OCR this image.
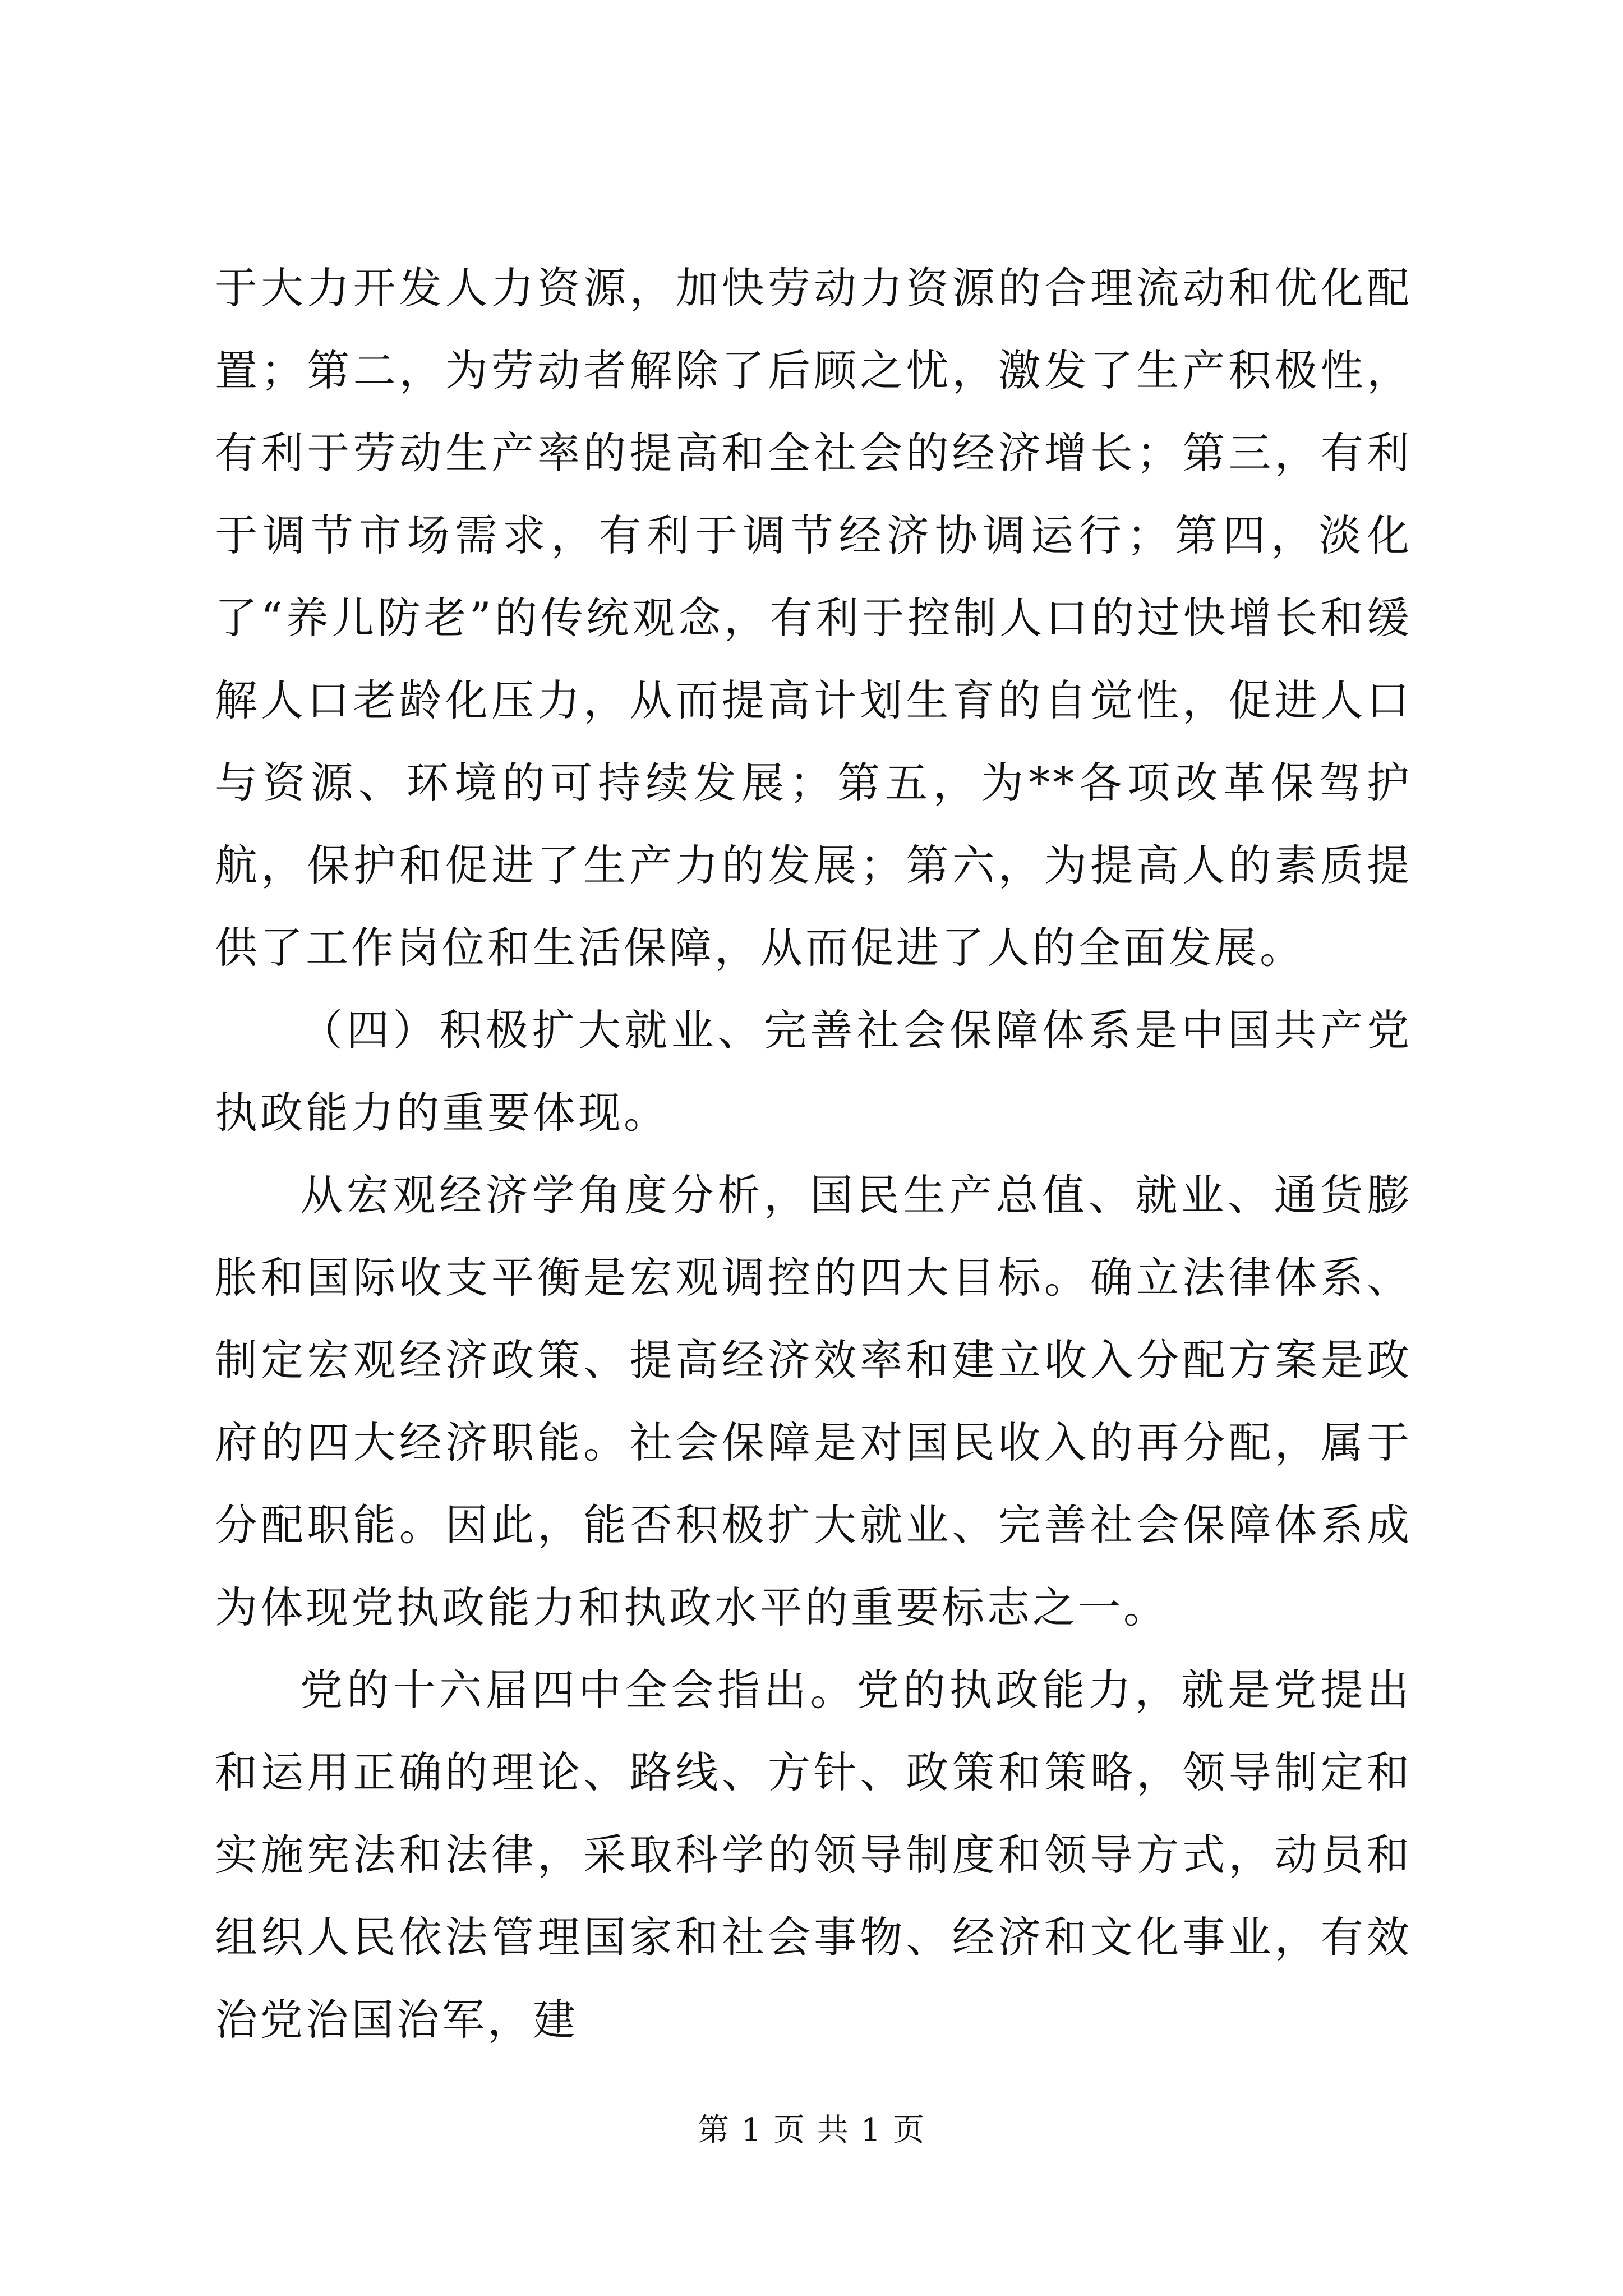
于大力开发人力资源，加快劳动力资源的合理流动和优化配置；第二，为劳动者解除了后顾之忧，激发了生产积极性，有利于劳动生产率的提高和全社会的经济增长；第三，有利于调节市场需求，有利于调节经济协调运行；第四，淡化了“养儿防老”的传统观念，有利于控制人口的过快增长和缓解人口老龄化压力，从而提高计划生育的自觉性，促进人口与资源、环境的可持续发展；第五，为**各项改革保驾护航，保护和促进了生产力的发展；第六，为提高人的素质提供了工作岗位和生活保障，从而促进了人的全面发展。

（四）积极扩大就业、完善社会保障体系是中国共产党执政能力的重要体现。

从宏观经济学角度分析，国民生产总值、就业、通货膨胀和国际收支平衡是宏观调控的四大目标。确立法律体系、制定宏观经济政策、提高经济效率和建立收入分配方案是政府的四大经济职能。社会保障是对国民收入的再分配，属于分配职能。因此，能否积极扩大就业、完善社会保障体系成为体现党执政能力和执政水平的重要标志之一。

党的十六届四中全会指出。党的执政能力，就是党提出和运用正确的理论、路线、方针、政策和策略，领导制定和实施宪法和法律，采取科学的领导制度和领导方式，动员和组织人民依法管理国家和社会事物、经济和文化事业，有效治党治国治军，建

第 1 页 共 1 页
